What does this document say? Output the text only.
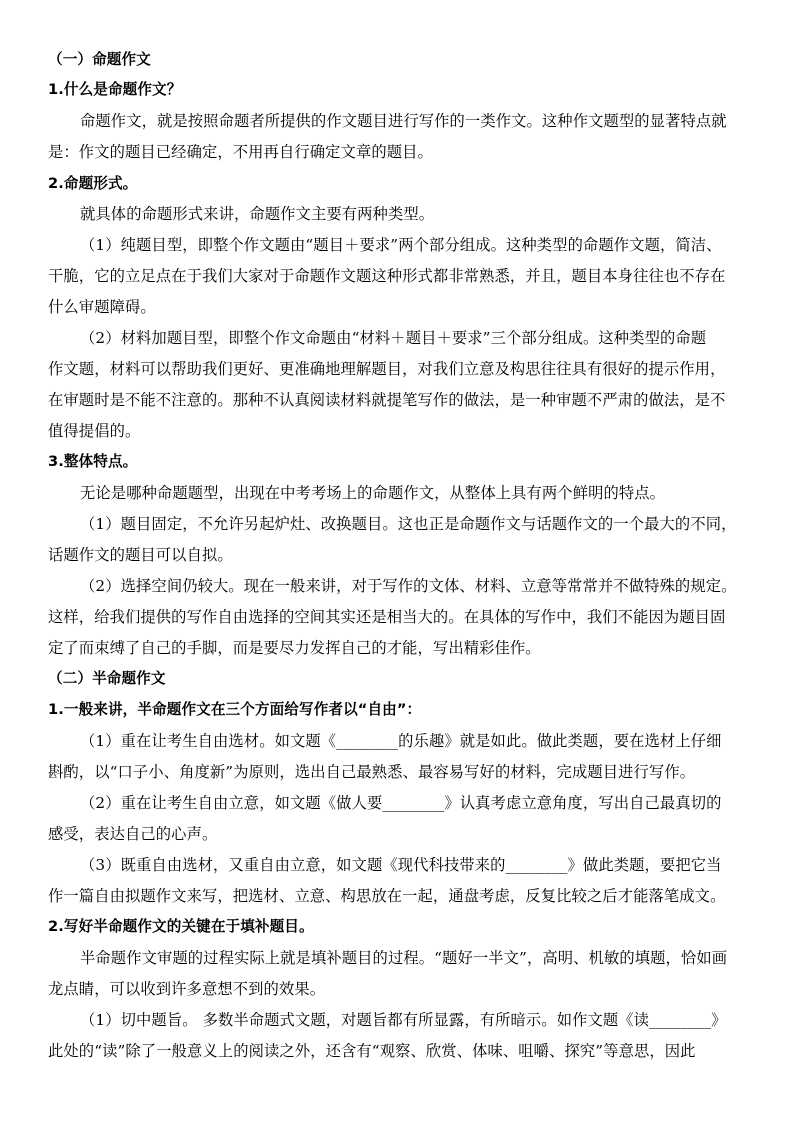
（一）命题作文
1.什么是命题作文？
命题作文，就是按照命题者所提供的作文题目进行写作的一类作文。这种作文题型的显著特点就
是：作文的题目已经确定，不用再自行确定文章的题目。
2.命题形式。
就具体的命题形式来讲，命题作文主要有两种类型。
（1）纯题目型，即整个作文题由“题目＋要求”两个部分组成。这种类型的命题作文题，简洁、
干脆，它的立足点在于我们大家对于命题作文题这种形式都非常熟悉，并且，题目本身往往也不存在
什么审题障碍。
（2）材料加题目型，即整个作文命题由“材料＋题目＋要求”三个部分组成。这种类型的命题
作文题，材料可以帮助我们更好、更准确地理解题目，对我们立意及构思往往具有很好的提示作用，
在审题时是不能不注意的。那种不认真阅读材料就提笔写作的做法，是一种审题不严肃的做法，是不
值得提倡的。
3.整体特点。
无论是哪种命题题型，出现在中考考场上的命题作文，从整体上具有两个鲜明的特点。
（1）题目固定，不允许另起炉灶、改换题目。这也正是命题作文与话题作文的一个最大的不同，
话题作文的题目可以自拟。
（2）选择空间仍较大。现在一般来讲，对于写作的文体、材料、立意等常常并不做特殊的规定。
这样，给我们提供的写作自由选择的空间其实还是相当大的。在具体的写作中，我们不能因为题目固
定了而束缚了自己的手脚，而是要尽力发挥自己的才能，写出精彩佳作。
（二）半命题作文
1.一般来讲，半命题作文在三个方面给写作者以“自由”：
（1）重在让考生自由选材。如文题《________的乐趣》就是如此。做此类题，要在选材上仔细
斟酌，以“口子小、角度新”为原则，选出自己最熟悉、最容易写好的材料，完成题目进行写作。
（2）重在让考生自由立意，如文题《做人要________》认真考虑立意角度，写出自己最真切的
感受，表达自己的心声。
（3）既重自由选材，又重自由立意，如文题《现代科技带来的________》做此类题，要把它当
作一篇自由拟题作文来写，把选材、立意、构思放在一起，通盘考虑，反复比较之后才能落笔成文。
2.写好半命题作文的关键在于填补题目。
半命题作文审题的过程实际上就是填补题目的过程。“题好一半文”，高明、机敏的填题，恰如画
龙点睛，可以收到许多意想不到的效果。
（1）切中题旨。 多数半命题式文题，对题旨都有所显露，有所暗示。如作文题《读________》
此处的“读”除了一般意义上的阅读之外，还含有“观察、欣赏、体味、咀嚼、探究”等意思，因此
